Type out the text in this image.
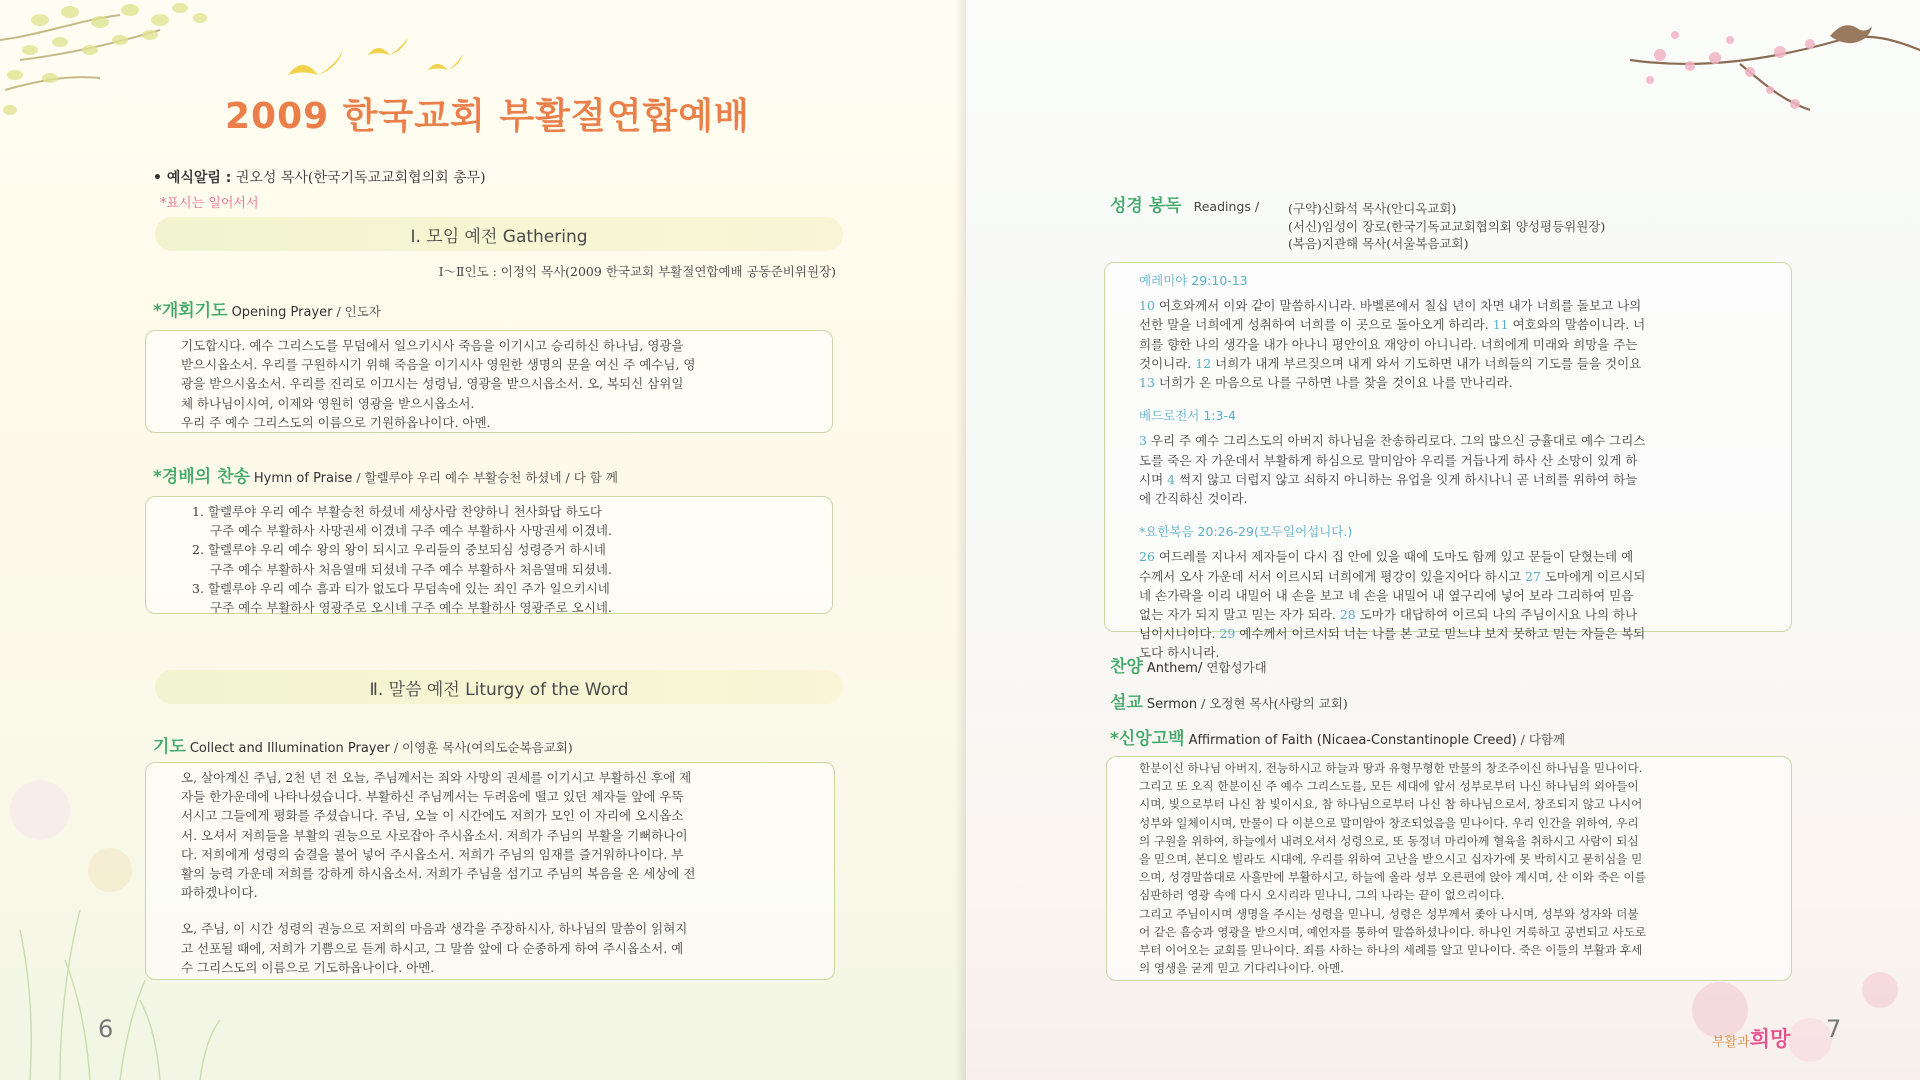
2009 한국교회 부활절연합예배
• 예식알림 : 권오성 목사(한국기독교교회협의회 총무)
*표시는 일어서서
Ⅰ. 모임 예전 Gathering
Ⅰ～Ⅱ인도 : 이정익 목사(2009 한국교회 부활절연합예배 공동준비위원장)
*개회기도 Opening Prayer / 인도자

기도합시다. 예수 그리스도를 무덤에서 일으키시사 죽음을 이기시고 승리하신 하나님, 영광을

받으시옵소서. 우리를 구원하시기 위해 죽음을 이기시사 영원한 생명의 문을 여신 주 예수님, 영

광을 받으시옵소서. 우리를 진리로 이끄시는 성령님, 영광을 받으시옵소서. 오, 복되신 삼위일

체 하나님이시여, 이제와 영원히 영광을 받으시옵소서.

우리 주 예수 그리스도의 이름으로 기원하옵나이다. 아멘.

*경배의 찬송 Hymn of Praise / 할렐루야 우리 예수 부활승천 하셨네 / 다 함 께

1. 할렐루야 우리 예수 부활승천 하셨네 세상사람 찬양하니 천사화답 하도다

구주 예수 부활하사 사망권세 이겼네 구주 예수 부활하사 사망권세 이겼네.

2. 할렐루야 우리 예수 왕의 왕이 되시고 우리들의 중보되심 성령증거 하시네

구주 예수 부활하사 처음열매 되셨네 구주 예수 부활하사 처음열매 되셨네.

3. 할렐루야 우리 예수 흠과 티가 없도다 무덤속에 있는 죄인 주가 일으키시네

구주 예수 부활하사 영광주로 오시네 구주 예수 부활하사 영광주로 오시네.

Ⅱ. 말씀 예전 Liturgy of the Word
기도 Collect and Illumination Prayer / 이영훈 목사(여의도순복음교회)

오, 살아계신 주님, 2천 년 전 오늘, 주님께서는 죄와 사망의 권세를 이기시고 부활하신 후에 제

자들 한가운데에 나타나셨습니다. 부활하신 주님께서는 두려움에 떨고 있던 제자들 앞에 우뚝

서시고 그들에게 평화를 주셨습니다. 주님, 오늘 이 시간에도 저희가 모인 이 자리에 오시옵소

서. 오셔서 저희들을 부활의 권능으로 사로잡아 주시옵소서. 저희가 주님의 부활을 기뻐하나이

다. 저희에게 성령의 숨결을 불어 넣어 주시옵소서. 저희가 주님의 임재를 즐거워하나이다. 부

활의 능력 가운데 저희를 강하게 하시옵소서. 저희가 주님을 섬기고 주님의 복음을 온 세상에 전

파하겠나이다.

오, 주님, 이 시간 성령의 권능으로 저희의 마음과 생각을 주장하시사, 하나님의 말씀이 읽혀지

고 선포될 때에, 저희가 기쁨으로 듣게 하시고, 그 말씀 앞에 다 순종하게 하여 주시옵소서. 예

수 그리스도의 이름으로 기도하옵나이다. 아멘.

6
성경 봉독 Readings / (구약)신화석 목사(안디옥교회)
(서신)임성이 장로(한국기독교교회협의회 양성평등위원장)
(복음)지관해 목사(서울복음교회)
예레미야 29:10-13
10 여호와께서 이와 같이 말씀하시니라. 바벨론에서 칠십 년이 차면 내가 너희를 돌보고 나의
선한 말을 너희에게 성취하여 너희를 이 곳으로 돌아오게 하리라. 11 여호와의 말씀이니라. 너
희를 향한 나의 생각을 내가 아나니 평안이요 재앙이 아니니라. 너희에게 미래와 희망을 주는
것이니라. 12 너희가 내게 부르짖으며 내게 와서 기도하면 내가 너희들의 기도를 들을 것이요
13 너희가 온 마음으로 나를 구하면 나를 찾을 것이요 나를 만나리라.
베드로전서 1:3-4
3 우리 주 예수 그리스도의 아버지 하나님을 찬송하리로다. 그의 많으신 긍휼대로 예수 그리스
도를 죽은 자 가운데서 부활하게 하심으로 말미암아 우리를 거듭나게 하사 산 소망이 있게 하
시며 4 썩지 않고 더럽지 않고 쇠하지 아니하는 유업을 잇게 하시나니 곧 너희를 위하여 하늘
에 간직하신 것이라.
*요한복음 20:26-29(모두일어섭니다.)
26 여드레를 지나서 제자들이 다시 집 안에 있을 때에 도마도 함께 있고 문들이 닫혔는데 예
수께서 오사 가운데 서서 이르시되 너희에게 평강이 있을지어다 하시고 27 도마에게 이르시되
네 손가락을 이리 내밀어 내 손을 보고 네 손을 내밀어 내 옆구리에 넣어 보라 그리하여 믿음
없는 자가 되지 말고 믿는 자가 되라. 28 도마가 대답하여 이르되 나의 주님이시요 나의 하나
님이시니이다. 29 예수께서 이르시되 너는 나를 본 고로 믿느냐 보지 못하고 믿는 자들은 복되
도다 하시니라.
찬양 Anthem/ 연합성가대
설교 Sermon / 오정현 목사(사랑의 교회)
*신앙고백 Affirmation of Faith (Nicaea-Constantinople Creed) / 다함께

한분이신 하나님 아버지, 전능하시고 하늘과 땅과 유형무형한 만물의 창조주이신 하나님을 믿나이다.

그리고 또 오직 한분이신 주 예수 그리스도를, 모든 세대에 앞서 성부로부터 나신 하나님의 외아들이

시며, 빛으로부터 나신 참 빛이시요, 참 하나님으로부터 나신 참 하나님으로서, 창조되지 않고 나시어

성부와 일체이시며, 만물이 다 이분으로 말미암아 창조되었음을 믿나이다. 우리 인간을 위하여, 우리

의 구원을 위하여, 하늘에서 내려오셔서 성령으로, 또 동정녀 마리아께 혈육을 취하시고 사람이 되심

을 믿으며, 본디오 빌라도 시대에, 우리를 위하여 고난을 받으시고 십자가에 못 박히시고 묻히심을 믿

으며, 성경말씀대로 사흘만에 부활하시고, 하늘에 올라 성부 오른편에 앉아 계시며, 산 이와 죽은 이를

심판하러 영광 속에 다시 오시리라 믿나니, 그의 나라는 끝이 없으리이다.

그리고 주님이시며 생명을 주시는 성령을 믿나니, 성령은 성부께서 좇아 나시며, 성부와 성자와 더불

어 같은 흠숭과 영광을 받으시며, 예언자를 통하여 말씀하셨나이다. 하나인 거룩하고 공번되고 사도로

부터 이어오는 교회를 믿나이다. 죄를 사하는 하나의 세례를 알고 믿나이다. 죽은 이들의 부활과 후세

의 영생을 굳게 믿고 기다리나이다. 아멘.

부활과희망 7
